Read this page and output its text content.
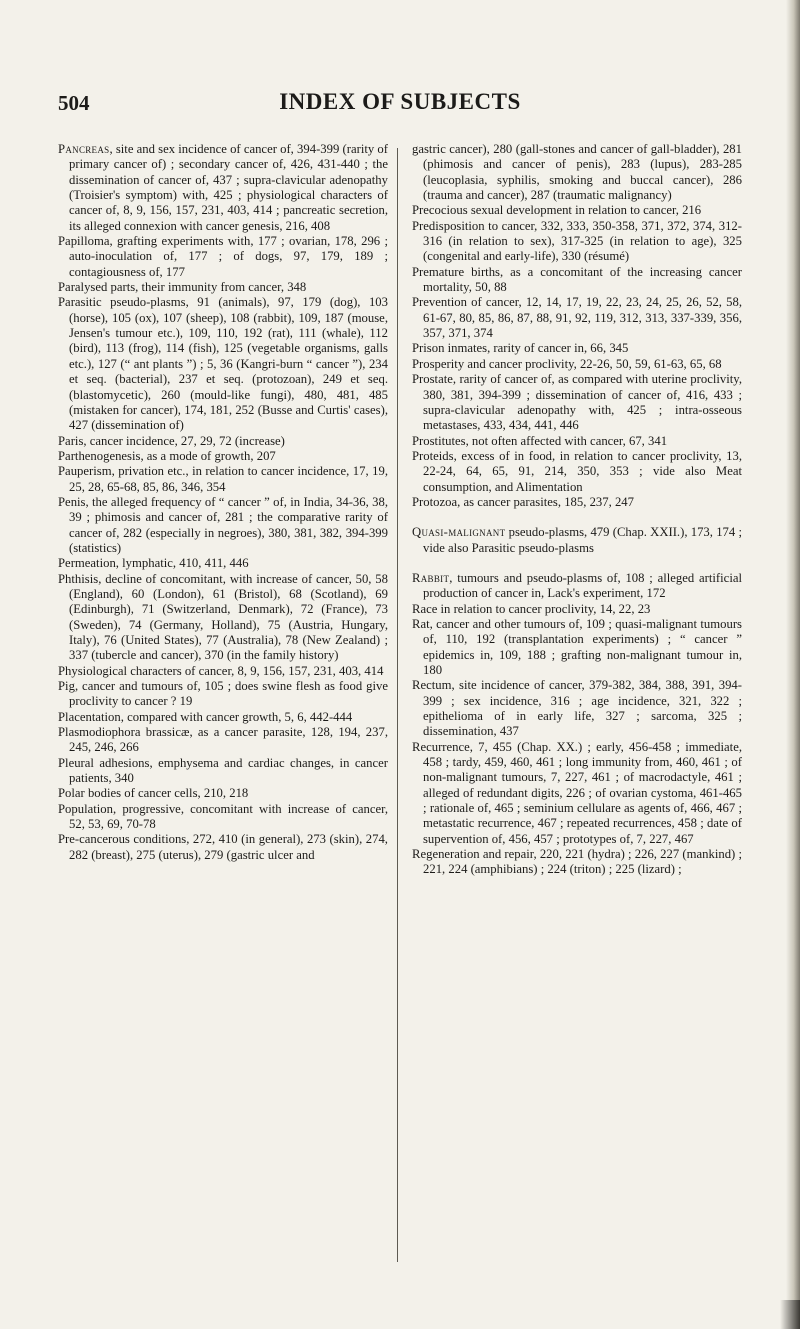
504	INDEX OF SUBJECTS

Pancreas, site and sex incidence of cancer of, 394-399 (rarity of primary cancer of) ; secondary cancer of, 426, 431-440 ; the dissemination of cancer of, 437 ; supra-clavicular adenopathy (Troisier's symptom) with, 425 ; physiological characters of cancer of, 8, 9, 156, 157, 231, 403, 414 ; pancreatic secretion, its alleged connexion with cancer genesis, 216, 408

Papilloma, grafting experiments with, 177 ; ovarian, 178, 296 ; auto-inoculation of, 177 ; of dogs, 97, 179, 189 ; contagiousness of, 177

Paralysed parts, their immunity from cancer, 348

Parasitic pseudo-plasms, 91 (animals), 97, 179 (dog), 103 (horse), 105 (ox), 107 (sheep), 108 (rabbit), 109, 187 (mouse, Jensen's tumour etc.), 109, 110, 192 (rat), 111 (whale), 112 (bird), 113 (frog), 114 (fish), 125 (vegetable organisms, galls etc.), 127 (“ ant plants ”) ; 5, 36 (Kangri-burn “ cancer ”), 234 et seq. (bacterial), 237 et seq. (protozoan), 249 et seq. (blastomycetic), 260 (mould-like fungi), 480, 481, 485 (mistaken for cancer), 174, 181, 252 (Busse and Curtis' cases), 427 (dissemination of)

Paris, cancer incidence, 27, 29, 72 (increase)

Parthenogenesis, as a mode of growth, 207

Pauperism, privation etc., in relation to cancer incidence, 17, 19, 25, 28, 65-68, 85, 86, 346, 354

Penis, the alleged frequency of “ cancer ” of, in India, 34-36, 38, 39 ; phimosis and cancer of, 281 ; the comparative rarity of cancer of, 282 (especially in negroes), 380, 381, 382, 394-399 (statistics)

Permeation, lymphatic, 410, 411, 446

Phthisis, decline of concomitant, with increase of cancer, 50, 58 (England), 60 (London), 61 (Bristol), 68 (Scotland), 69 (Edinburgh), 71 (Switzerland, Denmark), 72 (France), 73 (Sweden), 74 (Germany, Holland), 75 (Austria, Hungary, Italy), 76 (United States), 77 (Australia), 78 (New Zealand) ; 337 (tubercle and cancer), 370 (in the family history)

Physiological characters of cancer, 8, 9, 156, 157, 231, 403, 414

Pig, cancer and tumours of, 105 ; does swine flesh as food give proclivity to cancer ? 19

Placentation, compared with cancer growth, 5, 6, 442-444

Plasmodiophora brassicæ, as a cancer parasite, 128, 194, 237, 245, 246, 266

Pleural adhesions, emphysema and cardiac changes, in cancer patients, 340

Polar bodies of cancer cells, 210, 218

Population, progressive, concomitant with increase of cancer, 52, 53, 69, 70-78

Pre-cancerous conditions, 272, 410 (in general), 273 (skin), 274, 282 (breast), 275 (uterus), 279 (gastric ulcer and

gastric cancer), 280 (gall-stones and cancer of gall-bladder), 281 (phimosis and cancer of penis), 283 (lupus), 283-285 (leucoplasia, syphilis, smoking and buccal cancer), 286 (trauma and cancer), 287 (traumatic malignancy)

Precocious sexual development in relation to cancer, 216

Predisposition to cancer, 332, 333, 350-358, 371, 372, 374, 312-316 (in relation to sex), 317-325 (in relation to age), 325 (congenital and early-life), 330 (résumé)

Premature births, as a concomitant of the increasing cancer mortality, 50, 88

Prevention of cancer, 12, 14, 17, 19, 22, 23, 24, 25, 26, 52, 58, 61-67, 80, 85, 86, 87, 88, 91, 92, 119, 312, 313, 337-339, 356, 357, 371, 374

Prison inmates, rarity of cancer in, 66, 345

Prosperity and cancer proclivity, 22-26, 50, 59, 61-63, 65, 68

Prostate, rarity of cancer of, as compared with uterine proclivity, 380, 381, 394-399 ; dissemination of cancer of, 416, 433 ; supra-clavicular adenopathy with, 425 ; intra-osseous metastases, 433, 434, 441, 446

Prostitutes, not often affected with cancer, 67, 341

Proteids, excess of in food, in relation to cancer proclivity, 13, 22-24, 64, 65, 91, 214, 350, 353 ; vide also Meat consumption, and Alimentation

Protozoa, as cancer parasites, 185, 237, 247

Quasi-malignant pseudo-plasms, 479 (Chap. XXII.), 173, 174 ; vide also Parasitic pseudo-plasms

Rabbit, tumours and pseudo-plasms of, 108 ; alleged artificial production of cancer in, Lack's experiment, 172

Race in relation to cancer proclivity, 14, 22, 23

Rat, cancer and other tumours of, 109 ; quasi-malignant tumours of, 110, 192 (transplantation experiments) ; “ cancer ” epidemics in, 109, 188 ; grafting non-malignant tumour in, 180

Rectum, site incidence of cancer, 379-382, 384, 388, 391, 394-399 ; sex incidence, 316 ; age incidence, 321, 322 ; epithelioma of in early life, 327 ; sarcoma, 325 ; dissemination, 437

Recurrence, 7, 455 (Chap. XX.) ; early, 456-458 ; immediate, 458 ; tardy, 459, 460, 461 ; long immunity from, 460, 461 ; of non-malignant tumours, 7, 227, 461 ; of macrodactyle, 461 ; alleged of redundant digits, 226 ; of ovarian cystoma, 461-465 ; rationale of, 465 ; seminium cellulare as agents of, 466, 467 ; metastatic recurrence, 467 ; repeated recurrences, 458 ; date of supervention of, 456, 457 ; prototypes of, 7, 227, 467

Regeneration and repair, 220, 221 (hydra) ; 226, 227 (mankind) ; 221, 224 (amphibians) ; 224 (triton) ; 225 (lizard) ;
